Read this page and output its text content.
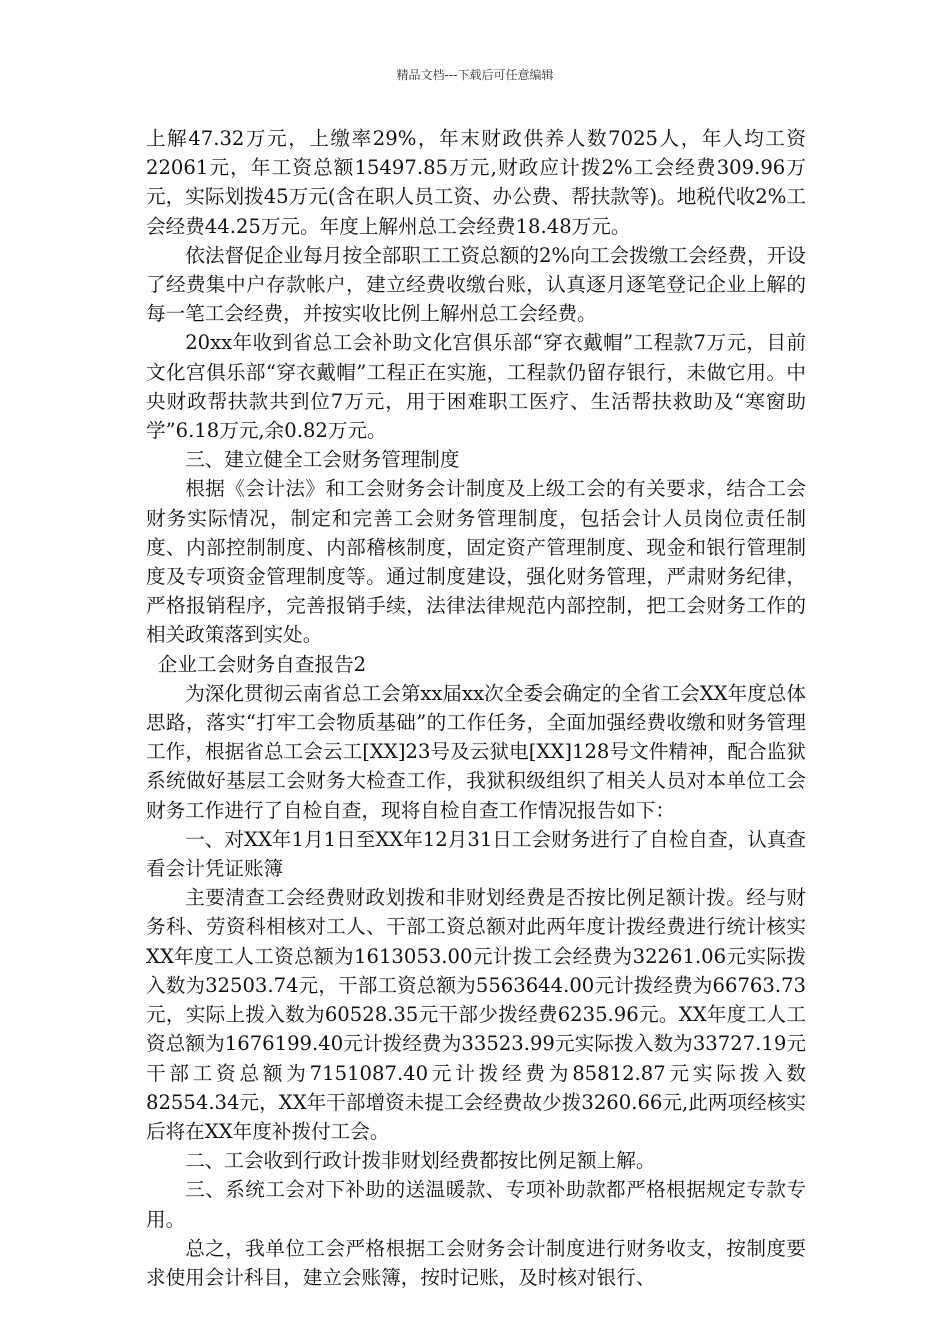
精品文档---下载后可任意编辑

上解47.32万元，上缴率29%，年末财政供养人数7025人，年人均工资22061元，年工资总额15497.85万元,财政应计拨2%工会经费309.96万元，实际划拨45万元(含在职人员工资、办公费、帮扶款等)。地税代收2%工会经费44.25万元。年度上解州总工会经费18.48万元。

依法督促企业每月按全部职工工资总额的2%向工会拨缴工会经费，开设了经费集中户存款帐户，建立经费收缴台账，认真逐月逐笔登记企业上解的每一笔工会经费，并按实收比例上解州总工会经费。

20xx年收到省总工会补助文化宫俱乐部“穿衣戴帽”工程款7万元，目前文化宫俱乐部“穿衣戴帽”工程正在实施，工程款仍留存银行，未做它用。中央财政帮扶款共到位7万元，用于困难职工医疗、生活帮扶救助及“寒窗助学”6.18万元,余0.82万元。

三、建立健全工会财务管理制度

根据《会计法》和工会财务会计制度及上级工会的有关要求，结合工会财务实际情况，制定和完善工会财务管理制度，包括会计人员岗位责任制度、内部控制制度、内部稽核制度，固定资产管理制度、现金和银行管理制度及专项资金管理制度等。通过制度建设，强化财务管理，严肃财务纪律，严格报销程序，完善报销手续，法律法律规范内部控制，把工会财务工作的相关政策落到实处。

企业工会财务自查报告2

为深化贯彻云南省总工会第xx届xx次全委会确定的全省工会XX年度总体思路，落实“打牢工会物质基础”的工作任务，全面加强经费收缴和财务管理工作，根据省总工会云工[XX]23号及云狱电[XX]128号文件精神，配合监狱系统做好基层工会财务大检查工作，我狱积级组织了相关人员对本单位工会财务工作进行了自检自查，现将自检自查工作情况报告如下：

一、对XX年1月1日至XX年12月31日工会财务进行了自检自查，认真查看会计凭证账簿

主要清查工会经费财政划拨和非财划经费是否按比例足额计拨。经与财务科、劳资科相核对工人、干部工资总额对此两年度计拨经费进行统计核实XX年度工人工资总额为1613053.00元计拨工会经费为32261.06元实际拨入数为32503.74元，干部工资总额为5563644.00元计拨经费为66763.73元，实际上拨入数为60528.35元干部少拨经费6235.96元。XX年度工人工资总额为1676199.40元计拨经费为33523.99元实际拨入数为33727.19元干部工资总额为7151087.40元计拨经费为85812.87元实际拨入数82554.34元，XX年干部增资未提工会经费故少拨3260.66元,此两项经核实后将在XX年度补拨付工会。

二、工会收到行政计拨非财划经费都按比例足额上解。

三、系统工会对下补助的送温暖款、专项补助款都严格根据规定专款专用。

总之，我单位工会严格根据工会财务会计制度进行财务收支，按制度要求使用会计科目，建立会账簿，按时记账，及时核对银行、
